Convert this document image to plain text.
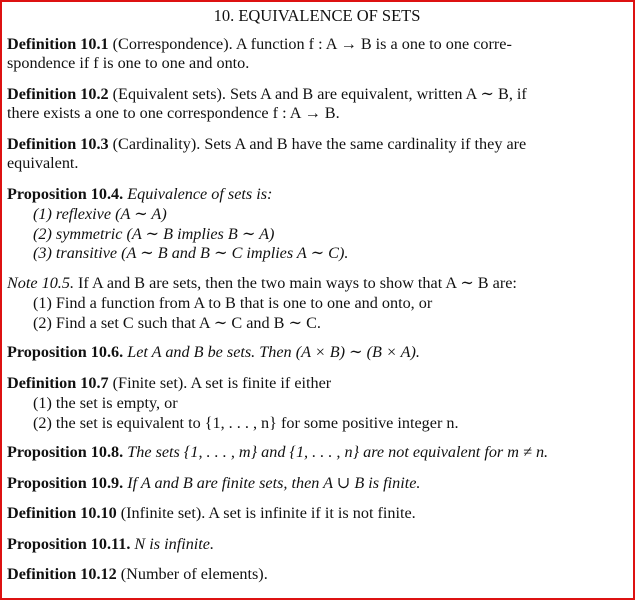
10. EQUIVALENCE OF SETS
Definition 10.1 (Correspondence). A function f : A → B is a one to one corre-
spondence if f is one to one and onto.
Definition 10.2 (Equivalent sets). Sets A and B are equivalent, written A ∼ B, if
there exists a one to one correspondence f : A → B.
Definition 10.3 (Cardinality). Sets A and B have the same cardinality if they are
equivalent.
Proposition 10.4. Equivalence of sets is:
(1) reflexive (A ∼ A)
(2) symmetric (A ∼ B implies B ∼ A)
(3) transitive (A ∼ B and B ∼ C implies A ∼ C).
Note 10.5. If A and B are sets, then the two main ways to show that A ∼ B are:
(1) Find a function from A to B that is one to one and onto, or
(2) Find a set C such that A ∼ C and B ∼ C.
Proposition 10.6. Let A and B be sets. Then (A × B) ∼ (B × A).
Definition 10.7 (Finite set). A set is finite if either
(1) the set is empty, or
(2) the set is equivalent to {1, . . . , n} for some positive integer n.
Proposition 10.8. The sets {1, . . . , m} and {1, . . . , n} are not equivalent for m ≠ n.
Proposition 10.9. If A and B are finite sets, then A ∪ B is finite.
Definition 10.10 (Infinite set). A set is infinite if it is not finite.
Proposition 10.11. N is infinite.
Definition 10.12 (Number of elements).
